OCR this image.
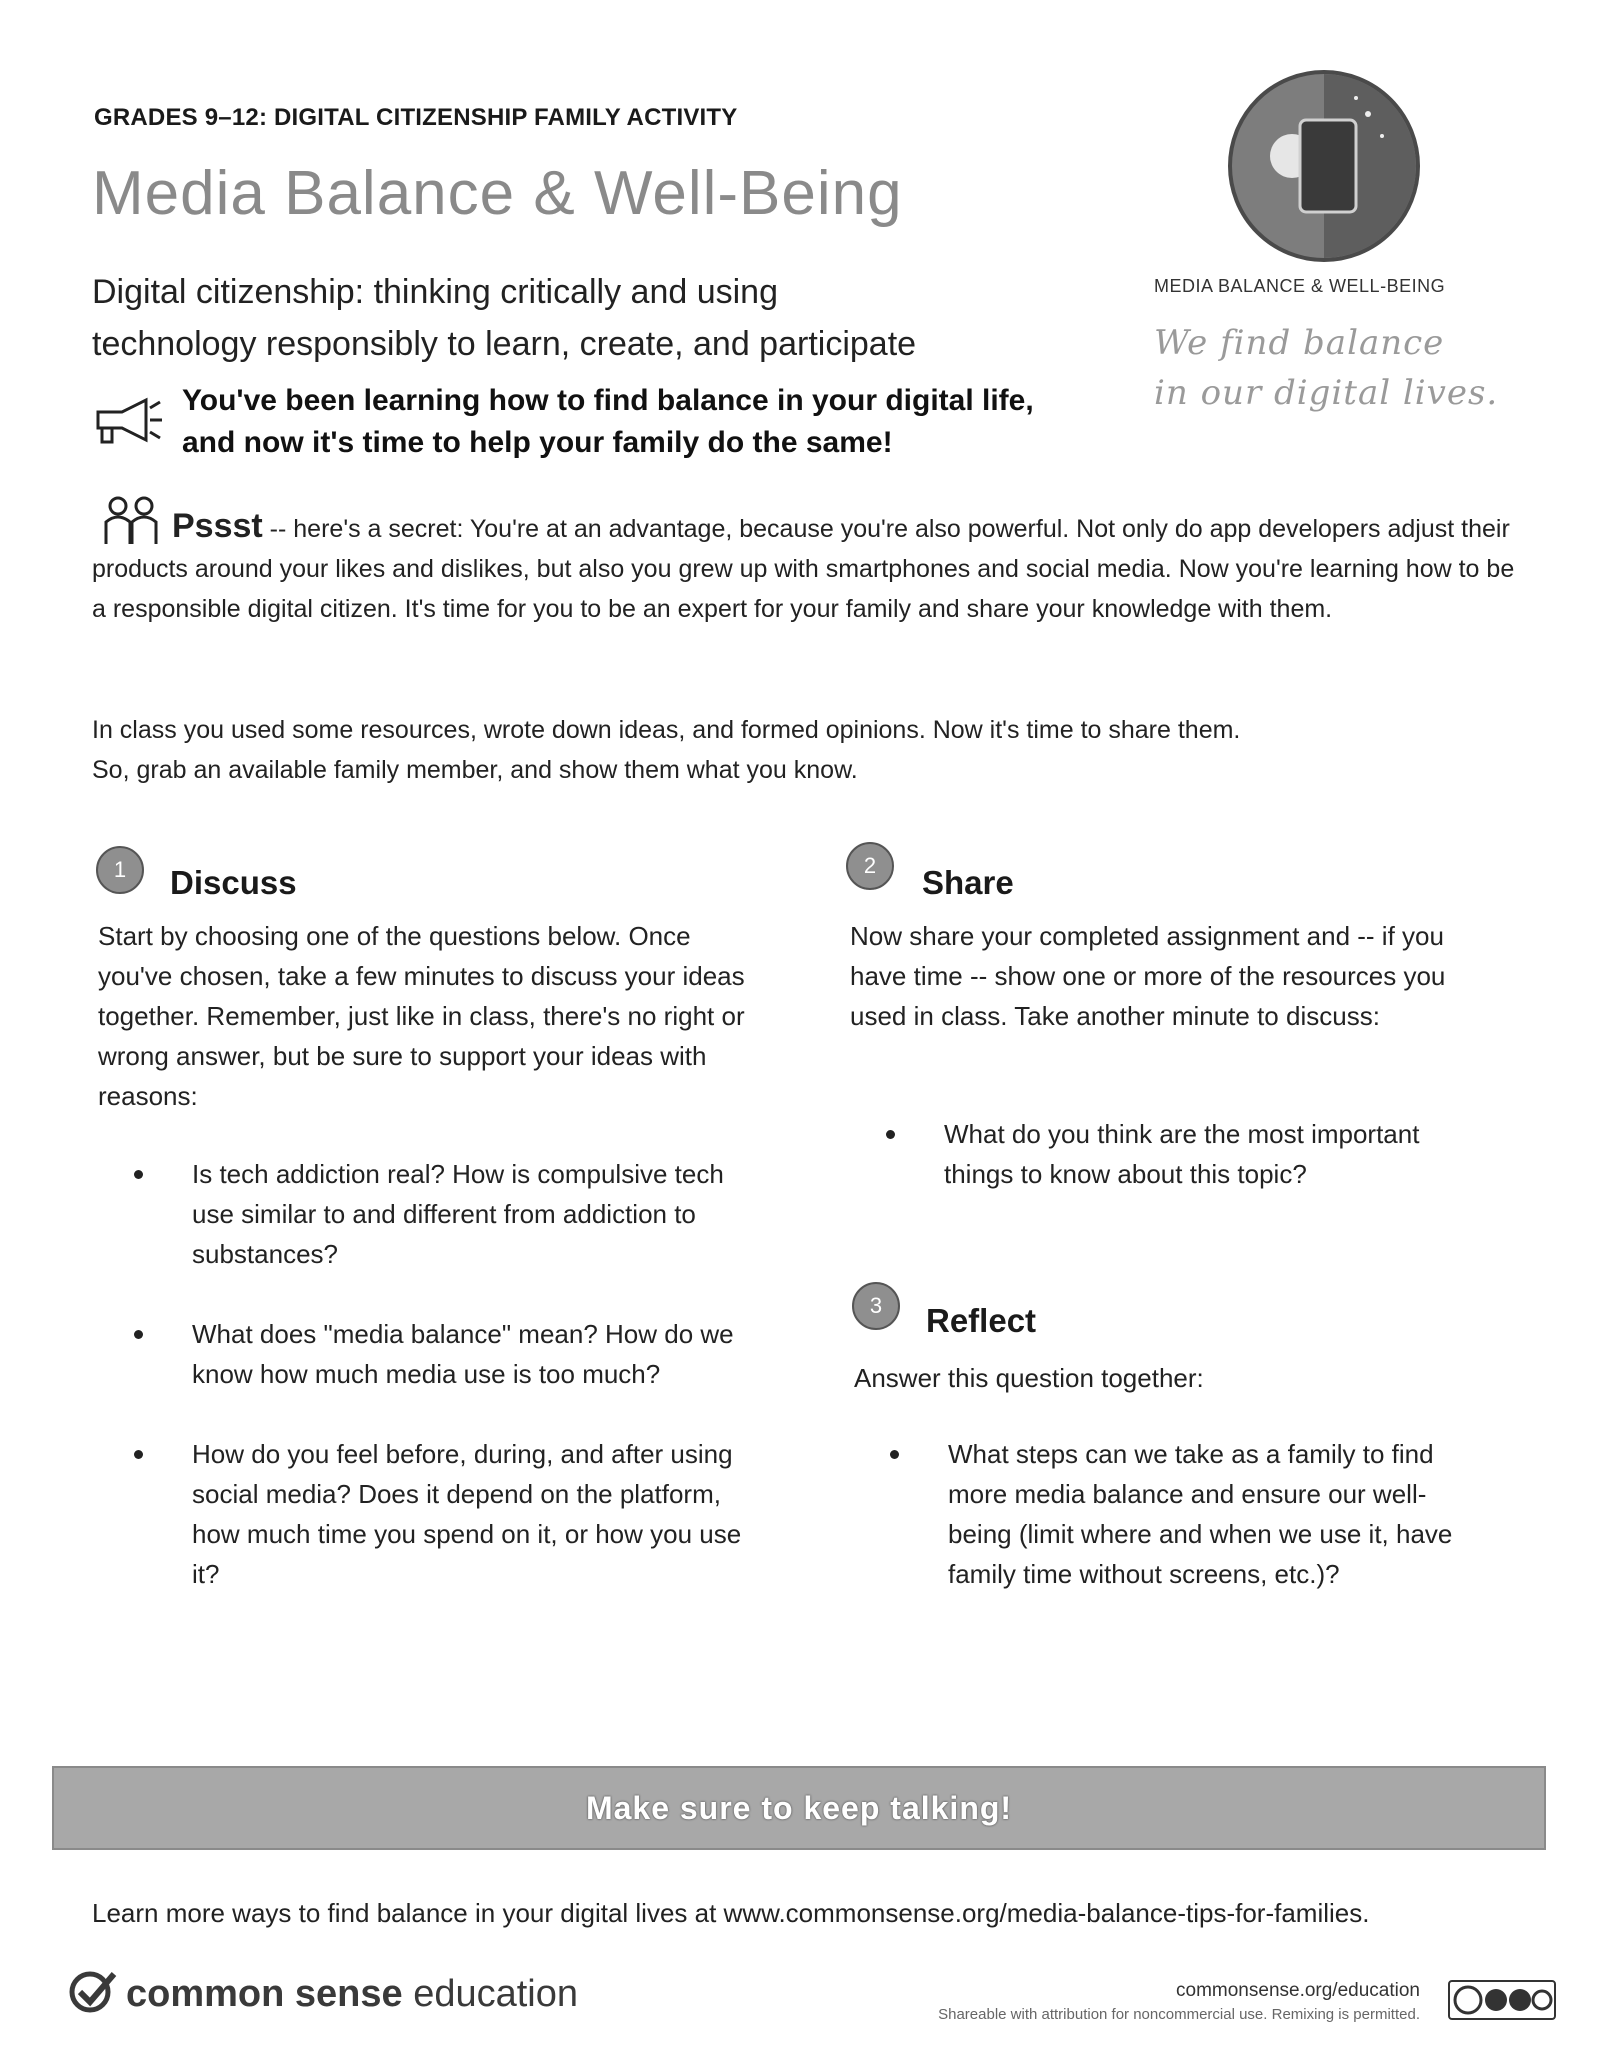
GRADES 9–12: DIGITAL CITIZENSHIP FAMILY ACTIVITY
Media Balance & Well-Being
Digital citizenship: thinking critically and using
technology responsibly to learn, create, and participate
You've been learning how to find balance in your digital life,
and now it's time to help your family do the same!
MEDIA BALANCE & WELL-BEING
We find balance
in our digital lives.
Pssst -- here's a secret: You're at an advantage, because you're also powerful. Not only do app developers adjust their products around your likes and dislikes, but also you grew up with smartphones and social media. Now you're learning how to be a responsible digital citizen. It's time for you to be an expert for your family and share your knowledge with them.
In class you used some resources, wrote down ideas, and formed opinions. Now it's time to share them.
So, grab an available family member, and show them what you know.
1	Discuss
Start by choosing one of the questions below. Once you've chosen, take a few minutes to discuss your ideas together. Remember, just like in class, there's no right or wrong answer, but be sure to support your ideas with reasons:
Is tech addiction real? How is compulsive tech use similar to and different from addiction to substances?
What does "media balance" mean? How do we know how much media use is too much?
How do you feel before, during, and after using social media? Does it depend on the platform, how much time you spend on it, or how you use it?
2	Share
Now share your completed assignment and -- if you have time -- show one or more of the resources you used in class. Take another minute to discuss:
What do you think are the most important things to know about this topic?
3	Reflect
Answer this question together:
What steps can we take as a family to find more media balance and ensure our well-being (limit where and when we use it, have family time without screens, etc.)?
Make sure to keep talking!
Learn more ways to find balance in your digital lives at www.commonsense.org/media-balance-tips-for-families.
common sense education	commonsense.org/education
Shareable with attribution for noncommercial use. Remixing is permitted.
